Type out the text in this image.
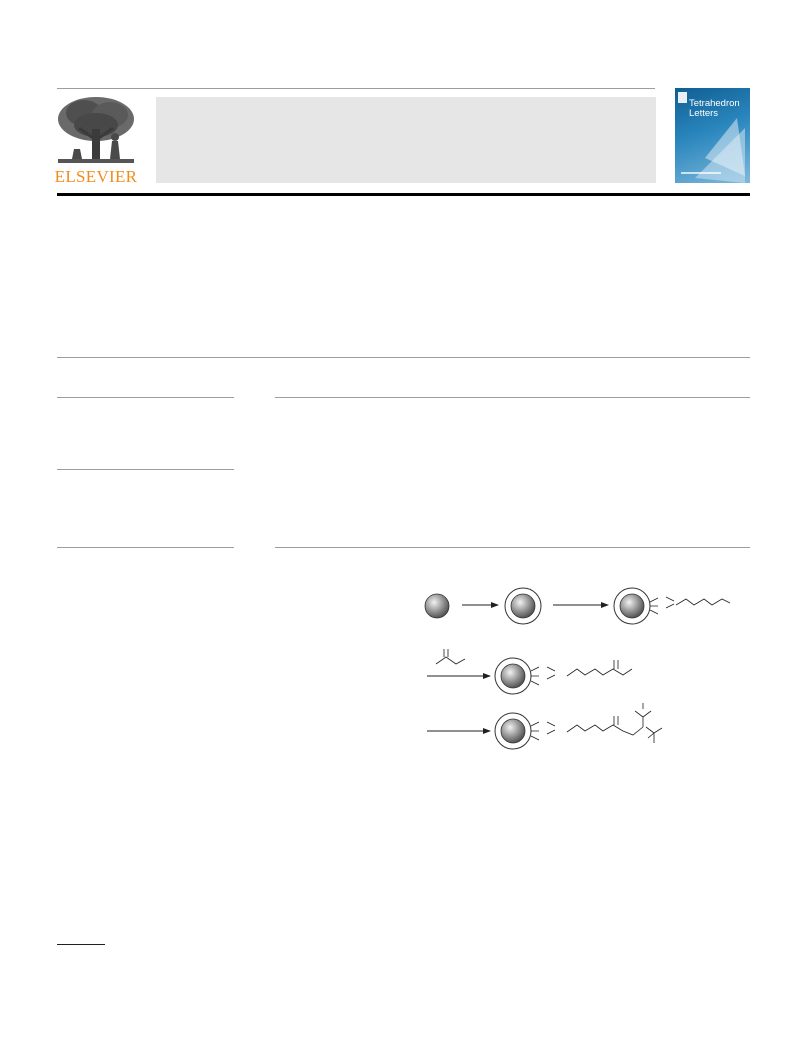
ELSEVIER
Tetrahedron
Letters
